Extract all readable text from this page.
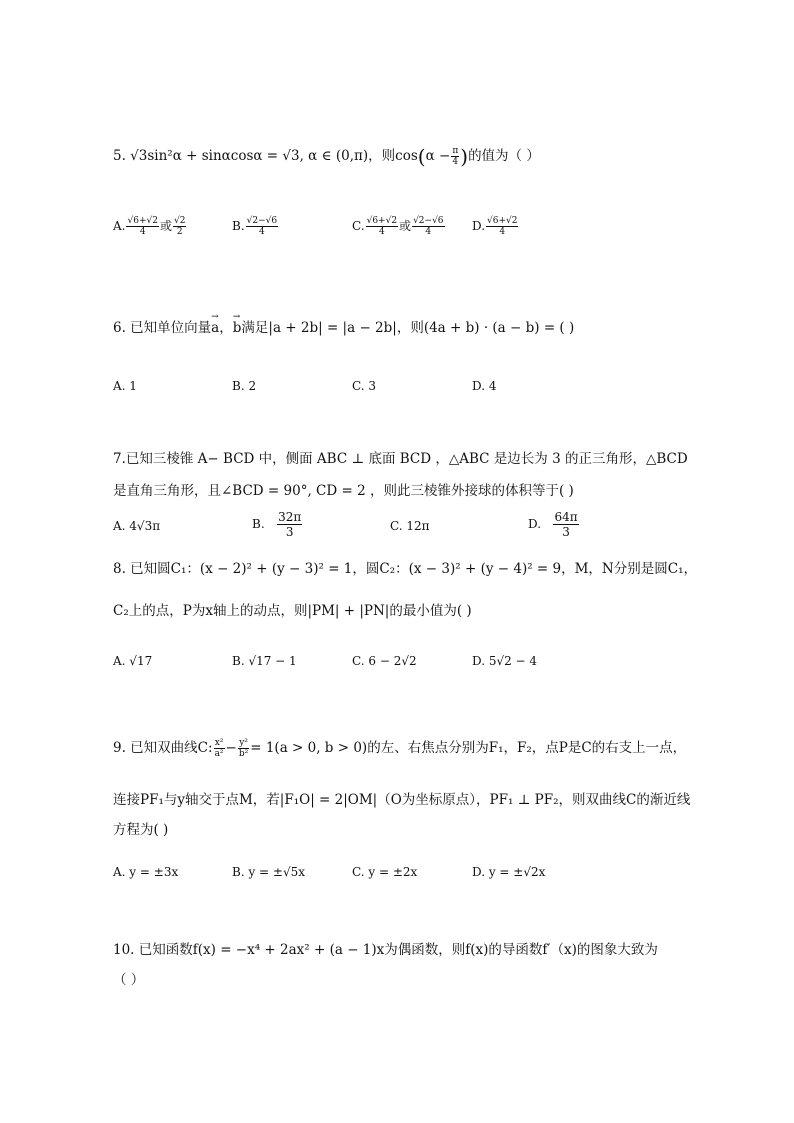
5. √3sin²α + sinαcosα = √3, α ∈ (0,π)，则$\cos(\alpha - \frac{\pi}{4}$ )的值为（ ）
A. $\frac{√6+√2}{4}$ 或 $\frac{√2}{2}$	B. $\frac{√2-√6}{4}$	C. $\frac{√6+√2}{4}$ 或 $\frac{√2-√6}{4} D$. $\frac{√6+√2}{4}$
6. 已知单位向量→ a，→ b满足|a + 2b| = |a − 2b|，则(4a + b) · (a − b) = ( )
A. 1	B. 2	C. 3	D. 4
7.已知三棱锥 A− BCD 中，侧面 ABC ⊥ 底面 BCD ，△ABC 是边长为 3 的正三角形，△BCD
是直角三角形，且∠BCD = 90°, CD = 2 ，则此三棱锥外接球的体积等于( )
A. 4√3π	B. $\frac{32\pi}{3}$	C. 12π	D. $\frac{64\pi}{3}$
8. 已知圆C₁：(x − 2)² + (y − 3)² = 1，圆C₂：(x − 3)² + (y − 4)² = 9，M，N分别是圆C₁，
C₂上的点，P为x轴上的动点，则|PM| + |PN|的最小值为( )
A. √17	B. √17 − 1	C. 6 − 2√2	D. 5√2 − 4
9. 已知双曲线C: $\frac{\text{x²}}{\text{a²}} - \frac{\text{y²}}{\text{b²}} = 1(a > 0$, b > 0)的左、右焦点分别为F₁，F₂，点P是C的右支上一点，
连接PF₁与y轴交于点M，若|F₁O| = 2|OM|（O为坐标原点），PF₁ ⊥ PF₂，则双曲线C的渐近线
方程为( )
A. y = ±3x	B. y = ±√5x	C. y = ±2x	D. y = ±√2x
10. 已知函数f(x) = −x⁴ + 2ax² + (a − 1)x为偶函数，则f(x)的导函数f′（x)的图象大致为
（ ）
